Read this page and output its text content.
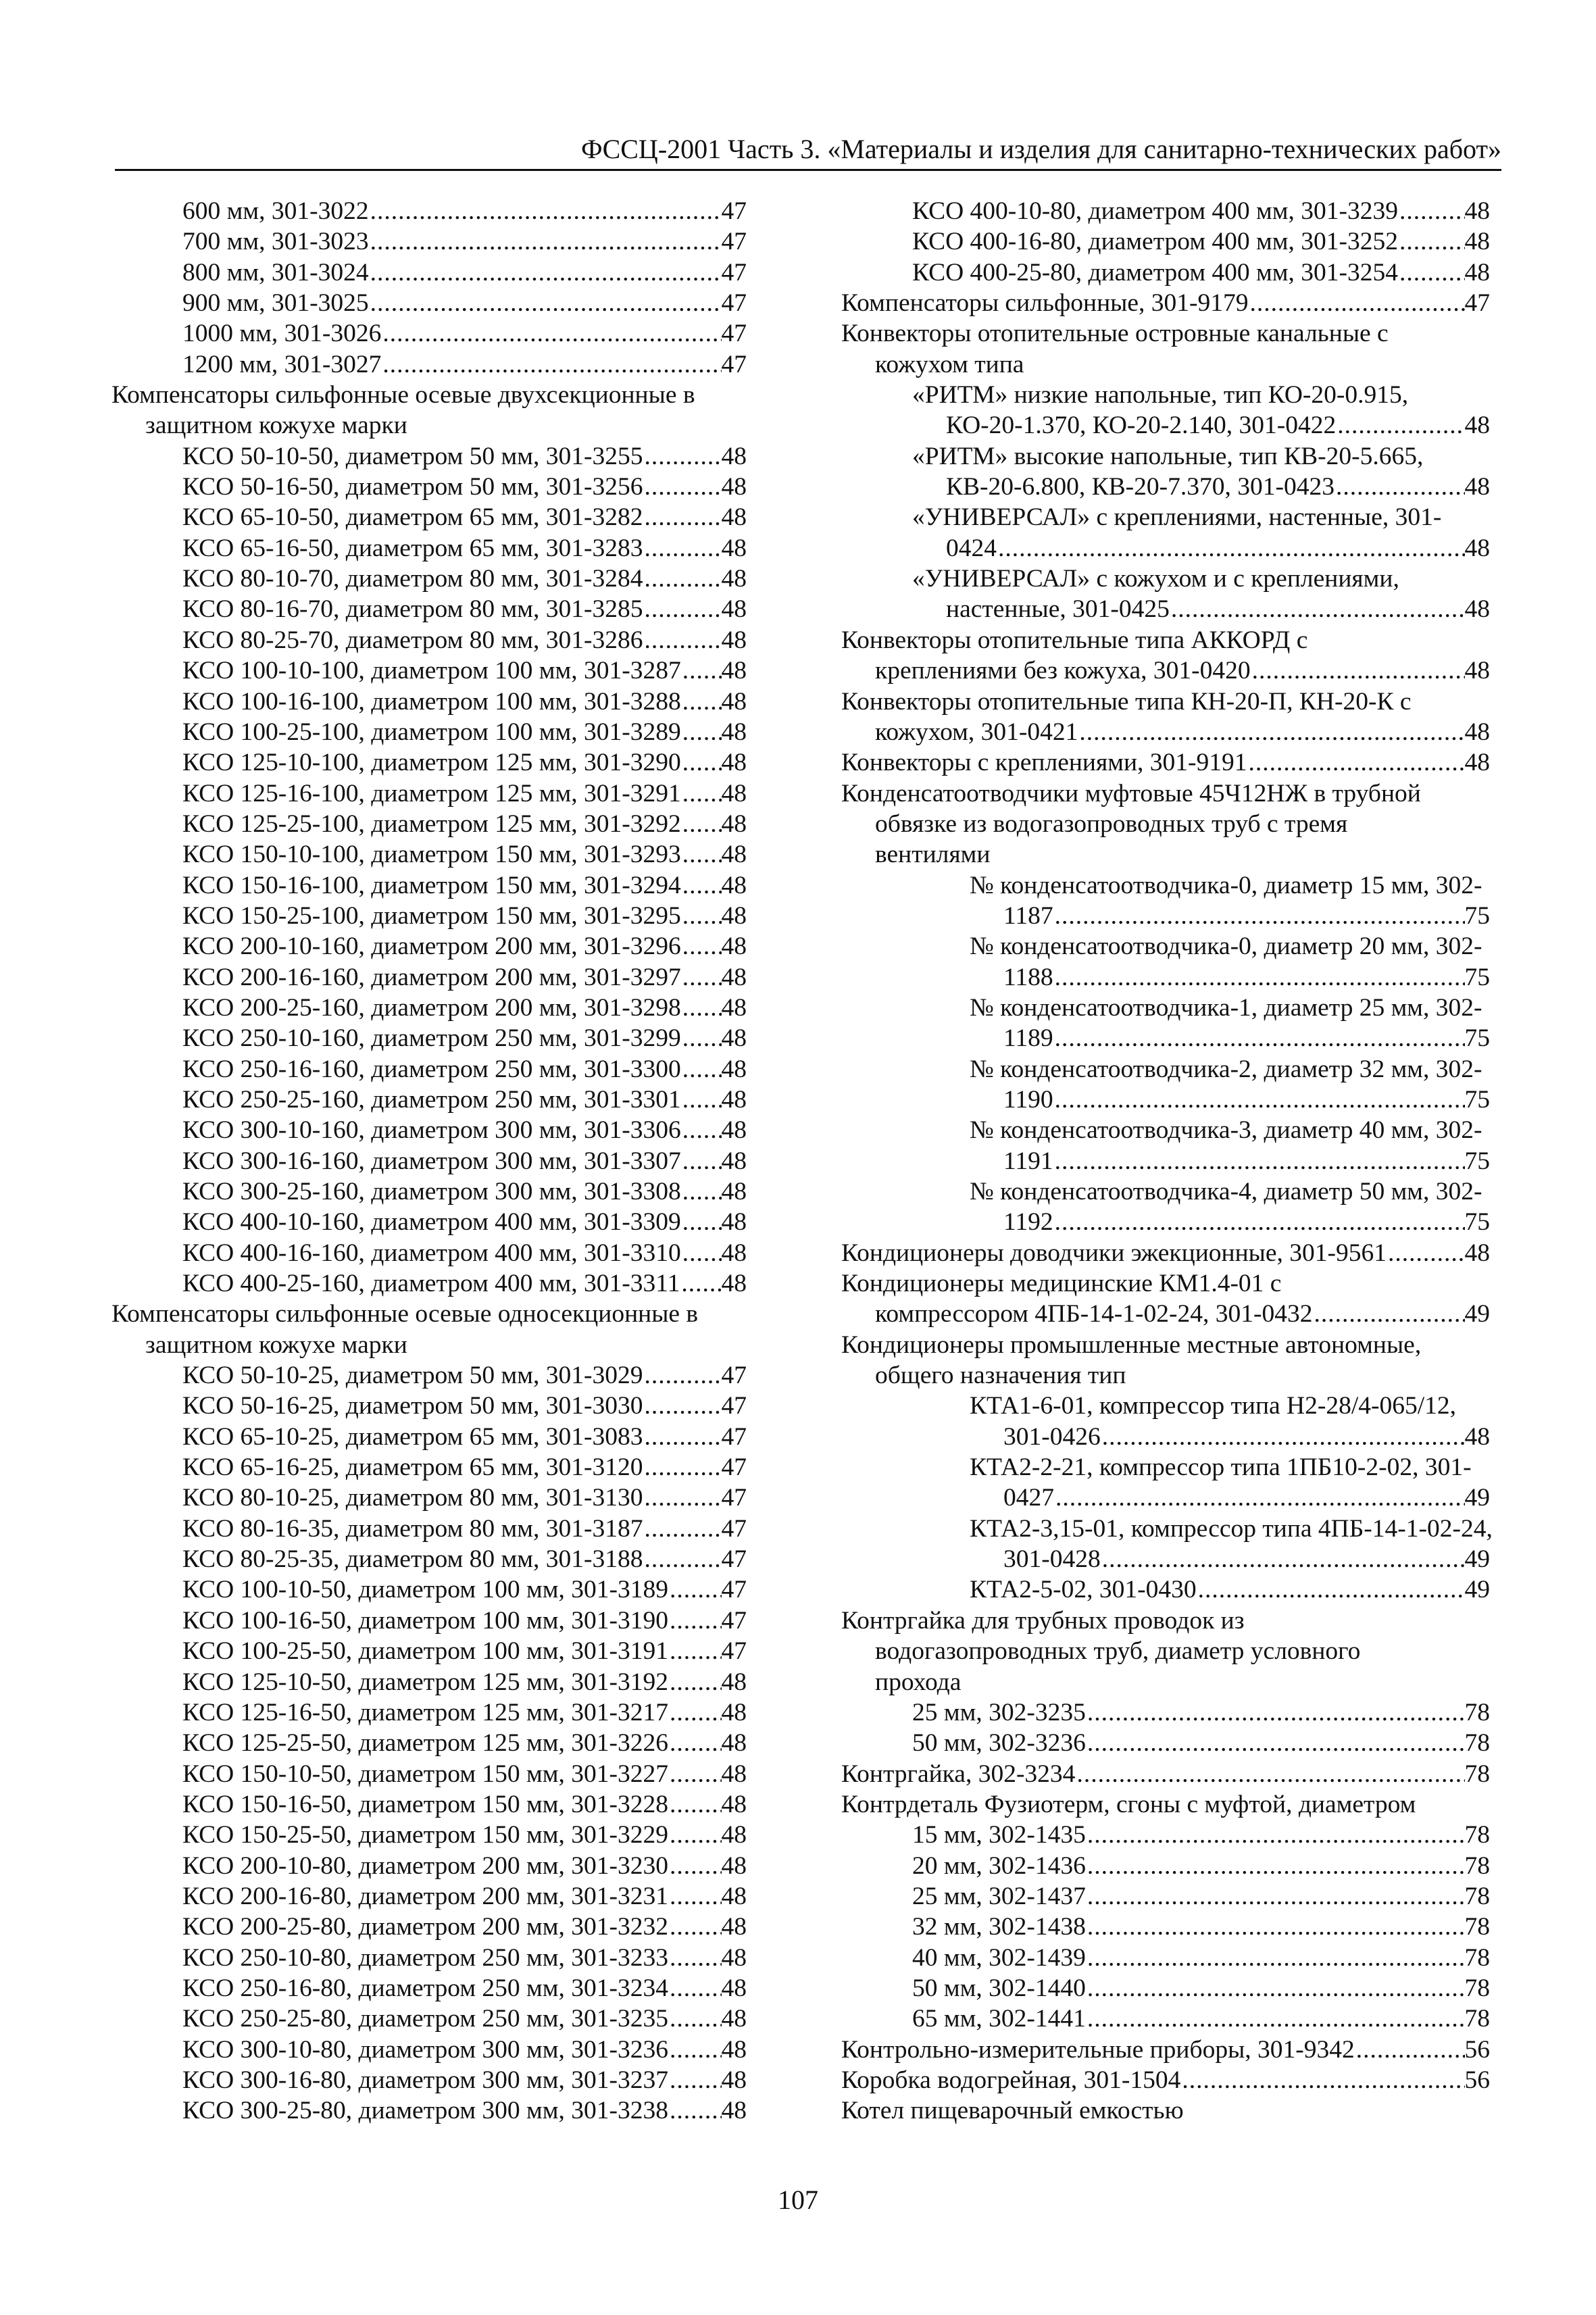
ФССЦ-2001 Часть 3. «Материалы и изделия для санитарно-технических работ»
600 мм, 301-3022 .....	47
700 мм, 301-3023 .....	47
800 мм, 301-3024 .....	47
900 мм, 301-3025 .....	47
1000 мм, 301-3026 .....	47
1200 мм, 301-3027 .....	47
Компенсаторы сильфонные осевые двухсекционные в
защитном кожухе марки
КСО 50-10-50, диаметром 50 мм, 301-3255 .....	48
КСО 50-16-50, диаметром 50 мм, 301-3256 .....	48
КСО 65-10-50, диаметром 65 мм, 301-3282 .....	48
КСО 65-16-50, диаметром 65 мм, 301-3283 .....	48
КСО 80-10-70, диаметром 80 мм, 301-3284 .....	48
КСО 80-16-70, диаметром 80 мм, 301-3285 .....	48
КСО 80-25-70, диаметром 80 мм, 301-3286 .....	48
КСО 100-10-100, диаметром 100 мм, 301-3287 ..... 48
КСО 100-16-100, диаметром 100 мм, 301-3288 ..... 48
КСО 100-25-100, диаметром 100 мм, 301-3289 ..... 48
КСО 125-10-100, диаметром 125 мм, 301-3290 ..... 48
КСО 125-16-100, диаметром 125 мм, 301-3291 ..... 48
КСО 125-25-100, диаметром 125 мм, 301-3292 ..... 48
КСО 150-10-100, диаметром 150 мм, 301-3293 ..... 48
КСО 150-16-100, диаметром 150 мм, 301-3294 ..... 48
КСО 150-25-100, диаметром 150 мм, 301-3295 ..... 48
КСО 200-10-160, диаметром 200 мм, 301-3296 ..... 48
КСО 200-16-160, диаметром 200 мм, 301-3297 ..... 48
КСО 200-25-160, диаметром 200 мм, 301-3298 ..... 48
КСО 250-10-160, диаметром 250 мм, 301-3299 ..... 48
КСО 250-16-160, диаметром 250 мм, 301-3300 ..... 48
КСО 250-25-160, диаметром 250 мм, 301-3301 ..... 48
КСО 300-10-160, диаметром 300 мм, 301-3306 ..... 48
КСО 300-16-160, диаметром 300 мм, 301-3307 ..... 48
КСО 300-25-160, диаметром 300 мм, 301-3308 ..... 48
КСО 400-10-160, диаметром 400 мм, 301-3309 ..... 48
КСО 400-16-160, диаметром 400 мм, 301-3310 ..... 48
КСО 400-25-160, диаметром 400 мм, 301-3311 ..... 48
Компенсаторы сильфонные осевые односекционные в
защитном кожухе марки
КСО 50-10-25, диаметром 50 мм, 301-3029 .....	47
КСО 50-16-25, диаметром 50 мм, 301-3030 .....	47
КСО 65-10-25, диаметром 65 мм, 301-3083 .....	47
КСО 65-16-25, диаметром 65 мм, 301-3120 .....	47
КСО 80-10-25, диаметром 80 мм, 301-3130 .....	47
КСО 80-16-35, диаметром 80 мм, 301-3187 .....	47
КСО 80-25-35, диаметром 80 мм, 301-3188 .....	47
КСО 100-10-50, диаметром 100 мм, 301-3189 ..... 47
КСО 100-16-50, диаметром 100 мм, 301-3190 ..... 47
КСО 100-25-50, диаметром 100 мм, 301-3191 ..... 47
КСО 125-10-50, диаметром 125 мм, 301-3192 ..... 48
КСО 125-16-50, диаметром 125 мм, 301-3217 ..... 48
КСО 125-25-50, диаметром 125 мм, 301-3226 ..... 48
КСО 150-10-50, диаметром 150 мм, 301-3227 ..... 48
КСО 150-16-50, диаметром 150 мм, 301-3228 ..... 48
КСО 150-25-50, диаметром 150 мм, 301-3229 ..... 48
КСО 200-10-80, диаметром 200 мм, 301-3230 ..... 48
КСО 200-16-80, диаметром 200 мм, 301-3231 ..... 48
КСО 200-25-80, диаметром 200 мм, 301-3232 ..... 48
КСО 250-10-80, диаметром 250 мм, 301-3233 ..... 48
КСО 250-16-80, диаметром 250 мм, 301-3234 ..... 48
КСО 250-25-80, диаметром 250 мм, 301-3235 ..... 48
КСО 300-10-80, диаметром 300 мм, 301-3236 ..... 48
КСО 300-16-80, диаметром 300 мм, 301-3237 ..... 48
КСО 300-25-80, диаметром 300 мм, 301-3238 ..... 48
КСО 400-10-80, диаметром 400 мм, 301-3239 .....	48
КСО 400-16-80, диаметром 400 мм, 301-3252 .....	48
КСО 400-25-80, диаметром 400 мм, 301-3254 .....	48
Компенсаторы сильфонные, 301-9179 .....	47
Конвекторы отопительные островные канальные с
кожухом типа
«РИТМ» низкие напольные, тип КО-20-0.915,
КО-20-1.370, КО-20-2.140, 301-0422 .....	48
«РИТМ» высокие напольные, тип КВ-20-5.665,
КВ-20-6.800, КВ-20-7.370, 301-0423 .....	48
«УНИВЕРСАЛ» с креплениями, настенные, 301-
0424 .....	48
«УНИВЕРСАЛ» с кожухом и с креплениями,
настенные, 301-0425 .....	48
Конвекторы отопительные типа АККОРД с
креплениями без кожуха, 301-0420 .....	48
Конвекторы отопительные типа КН-20-П, КН-20-К с
кожухом, 301-0421 .....	48
Конвекторы с креплениями, 301-9191 .....	48
Конденсатоотводчики муфтовые 45Ч12НЖ в трубной
обвязке из водогазопроводных труб с тремя
вентилями
№ конденсатоотводчика-0, диаметр 15 мм, 302-
1187 .....	75
№ конденсатоотводчика-0, диаметр 20 мм, 302-
1188 .....	75
№ конденсатоотводчика-1, диаметр 25 мм, 302-
1189 .....	75
№ конденсатоотводчика-2, диаметр 32 мм, 302-
1190 .....	75
№ конденсатоотводчика-3, диаметр 40 мм, 302-
1191 .....	75
№ конденсатоотводчика-4, диаметр 50 мм, 302-
1192 .....	75
Кондиционеры доводчики эжекционные, 301-9561 .....	48
Кондиционеры медицинские КМ1.4-01 с
компрессором 4ПБ-14-1-02-24, 301-0432 .....	49
Кондиционеры промышленные местные автономные,
общего назначения тип
КТА1-6-01, компрессор типа Н2-28/4-065/12,
301-0426 .....	48
КТА2-2-21, компрессор типа 1ПБ10-2-02, 301-
0427 .....	49
КТА2-3,15-01, компрессор типа 4ПБ-14-1-02-24,
301-0428 .....	49
КТА2-5-02, 301-0430 .....	49
Контргайка для трубных проводок из
водогазопроводных труб, диаметр условного
прохода
25 мм, 302-3235 .....	78
50 мм, 302-3236 .....	78
Контргайка, 302-3234 .....	78
Контрдеталь Фузиотерм, сгоны с муфтой, диаметром
15 мм, 302-1435 .....	78
20 мм, 302-1436 .....	78
25 мм, 302-1437 .....	78
32 мм, 302-1438 .....	78
40 мм, 302-1439 .....	78
50 мм, 302-1440 .....	78
65 мм, 302-1441 .....	78
Контрольно-измерительные приборы, 301-9342 .....	56
Коробка водогрейная, 301-1504 .....	56
Котел пищеварочный емкостью
107
